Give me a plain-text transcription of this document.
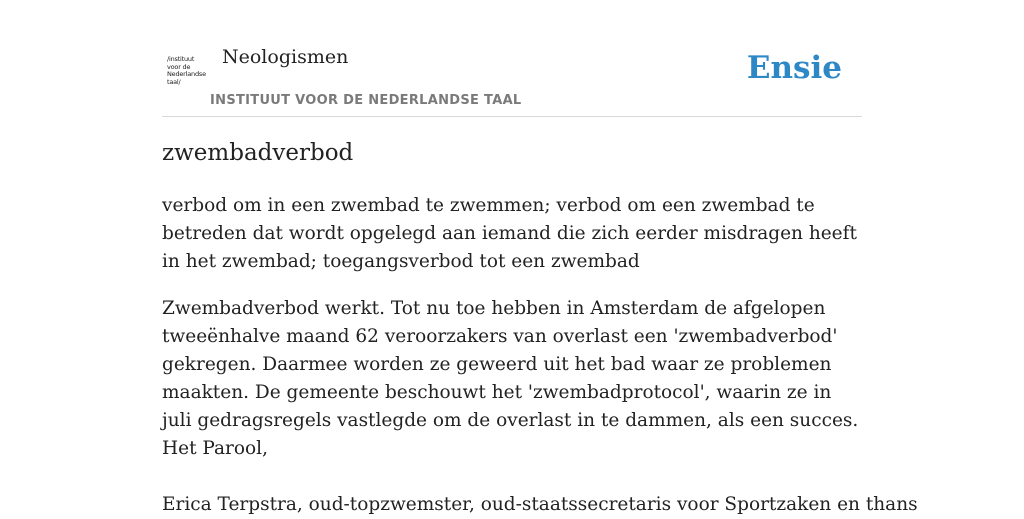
/instituut
voor de
Nederlandse
taal/
Neologismen
INSTITUUT VOOR DE NEDERLANDSE TAAL
Ensie
zwembadverbod

verbod om in een zwembad te zwemmen; verbod om een zwembad te betreden dat wordt opgelegd aan iemand die zich eerder misdragen heeft in het zwembad; toegangsverbod tot een zwembad

Zwembadverbod werkt. Tot nu toe hebben in Amsterdam de afgelopen tweeënhalve maand 62 veroorzakers van overlast een 'zwembadverbod' gekregen. Daarmee worden ze geweerd uit het bad waar ze problemen maakten. De gemeente beschouwt het 'zwembadprotocol', waarin ze in juli gedragsregels vastlegde om de overlast in te dammen, als een succes.
Het Parool,

Erica Terpstra, oud-topzwemster, oud-staatssecretaris voor Sportzaken en thans
